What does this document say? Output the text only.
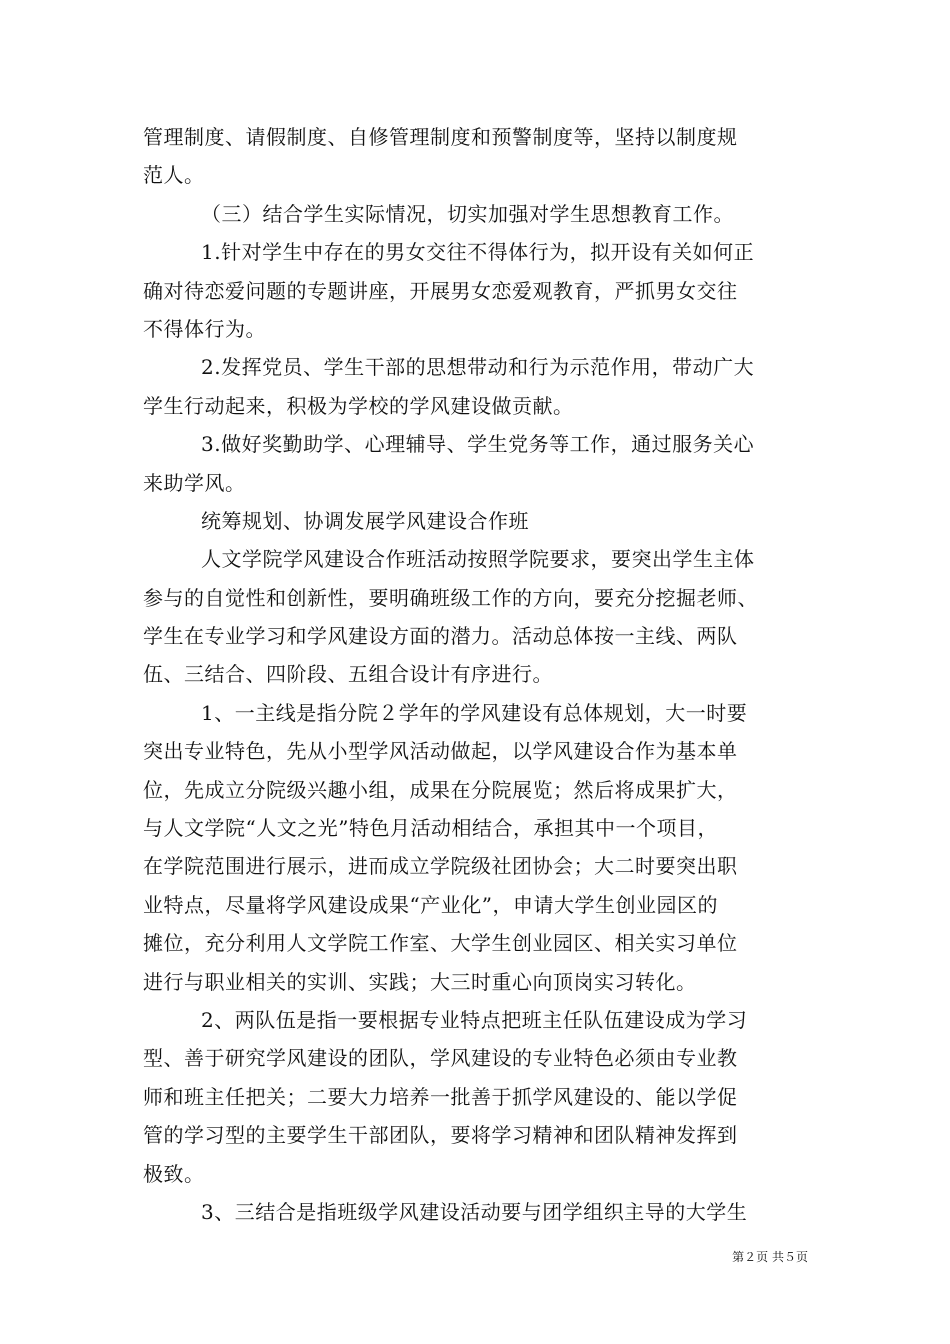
管理制度、请假制度、自修管理制度和预警制度等，坚持以制度规
范人。
（三）结合学生实际情况，切实加强对学生思想教育工作。
1.针对学生中存在的男女交往不得体行为，拟开设有关如何正
确对待恋爱问题的专题讲座，开展男女恋爱观教育，严抓男女交往
不得体行为。
2.发挥党员、学生干部的思想带动和行为示范作用，带动广大
学生行动起来，积极为学校的学风建设做贡献。
3.做好奖勤助学、心理辅导、学生党务等工作，通过服务关心
来助学风。
统筹规划、协调发展学风建设合作班
人文学院学风建设合作班活动按照学院要求，要突出学生主体
参与的自觉性和创新性，要明确班级工作的方向，要充分挖掘老师、
学生在专业学习和学风建设方面的潜力。活动总体按一主线、两队
伍、三结合、四阶段、五组合设计有序进行。
1、一主线是指分院２学年的学风建设有总体规划，大一时要
突出专业特色，先从小型学风活动做起，以学风建设合作为基本单
位，先成立分院级兴趣小组，成果在分院展览；然后将成果扩大，
与人文学院“人文之光”特色月活动相结合，承担其中一个项目，
在学院范围进行展示，进而成立学院级社团协会；大二时要突出职
业特点，尽量将学风建设成果“产业化”，申请大学生创业园区的
摊位，充分利用人文学院工作室、大学生创业园区、相关实习单位
进行与职业相关的实训、实践；大三时重心向顶岗实习转化。
2、两队伍是指一要根据专业特点把班主任队伍建设成为学习
型、善于研究学风建设的团队，学风建设的专业特色必须由专业教
师和班主任把关；二要大力培养一批善于抓学风建设的、能以学促
管的学习型的主要学生干部团队，要将学习精神和团队精神发挥到
极致。
3、三结合是指班级学风建设活动要与团学组织主导的大学生
第２页 共５页
